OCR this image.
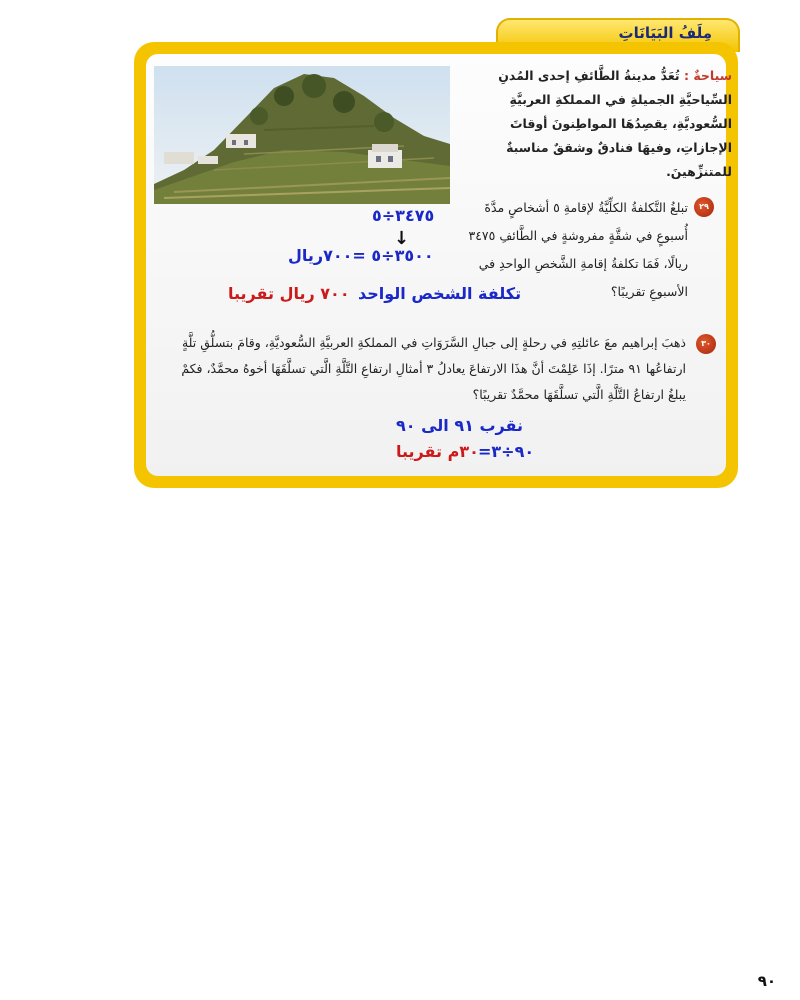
مِلَفُ البَيَانَاتِ
سياحةٌ : تُعَدُّ مدينةُ الطَّائفِ إحدى المُدنِ السِّياحيَّةِ الجميلةِ في المملكةِ العربيَّةِ السُّعوديَّةِ، يقصِدُهَا المواطِنونَ أوقاتَ الإجازاتِ، وفيهَا فنادقٌ وشققٌ مناسبةٌ للمتنزِّهينَ.
٢٩
تبلغُ التَّكلفةُ الكلِّيَّةُ لإقامةِ ٥ أشخاصٍ مدَّةَ أُسبوعٍ في شقَّةٍ مفروشةٍ في الطَّائفِ ٣٤٧٥ ريالًا، فَمَا تكلفةُ إقامةِ الشَّخصِ الواحدِ في الأسبوعِ تقريبًا؟
٣٤٧٥÷٥
↓
٣٥٠٠÷٥ =٧٠٠ريال
تكلفة الشخص الواحد
٧٠٠ ريال تقريبا
٣٠
ذهبَ إبراهيم معَ عائلتِهِ في رحلةٍ إلى جبالِ السَّرَوَاتِ في المملكةِ العربيَّةِ السُّعوديَّةِ، وقامَ بتسلُّقِ تلَّةٍ ارتفاعُها ٩١ مترًا. إذَا عَلِمْتَ أنَّ هذَا الارتفاعَ يعادلُ ٣ أمثالِ ارتفاعِ التَّلَّةِ الَّتي تسلَّقَهَا أخوهُ محمَّدٌ، فكمْ يبلغُ ارتفاعُ التَّلَّةِ الَّتي تسلَّقَهَا محمَّدٌ تقريبًا؟
نقرب ٩١ الى ٩٠
٩٠÷٣=
٣٠م تقريبا
٩٠
